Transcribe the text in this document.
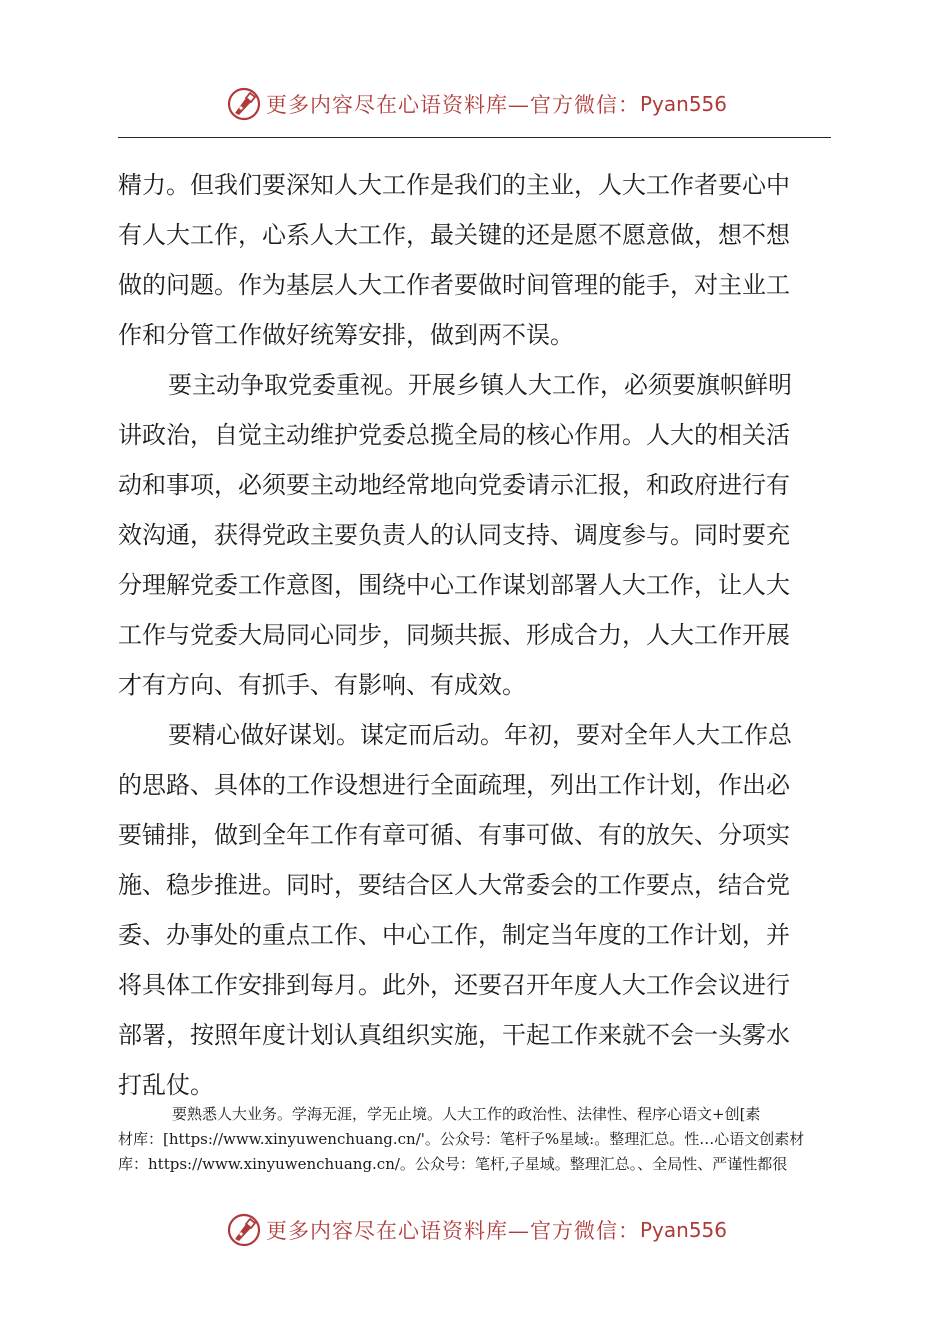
更多内容尽在心语资料库—官方微信： Pyan556

精力。但我们要深知人大工作是我们的主业，人大工作者要心中
有人大工作，心系人大工作，最关键的还是愿不愿意做，想不想
做的问题。作为基层人大工作者要做时间管理的能手，对主业工
作和分管工作做好统筹安排，做到两不误。

要主动争取党委重视。开展乡镇人大工作，必须要旗帜鲜明
讲政治，自觉主动维护党委总揽全局的核心作用。人大的相关活
动和事项，必须要主动地经常地向党委请示汇报，和政府进行有
效沟通，获得党政主要负责人的认同支持、调度参与。同时要充
分理解党委工作意图，围绕中心工作谋划部署人大工作，让人大
工作与党委大局同心同步，同频共振、形成合力，人大工作开展
才有方向、有抓手、有影响、有成效。

要精心做好谋划。谋定而后动。年初，要对全年人大工作总
的思路、具体的工作设想进行全面疏理，列出工作计划，作出必
要铺排，做到全年工作有章可循、有事可做、有的放矢、分项实
施、稳步推进。同时，要结合区人大常委会的工作要点，结合党
委、办事处的重点工作、中心工作，制定当年度的工作计划，并
将具体工作安排到每月。此外，还要召开年度人大工作会议进行
部署，按照年度计划认真组织实施，干起工作来就不会一头雾水
打乱仗。

要熟悉人大业务。学海无涯，学无止境。人大工作的政治性、法律性、程序心语文+创[素
材库：[https://www.xinyuwenchuang.cn/'。公众号：笔杆子%星域:。整理汇总。性…心语文创素材
库：https://www.xinyuwenchuang.cn/。公众号：笔杆,子星域。整理汇总。、全局性、严谨性都很
更多内容尽在心语资料库—官方微信： Pyan556
